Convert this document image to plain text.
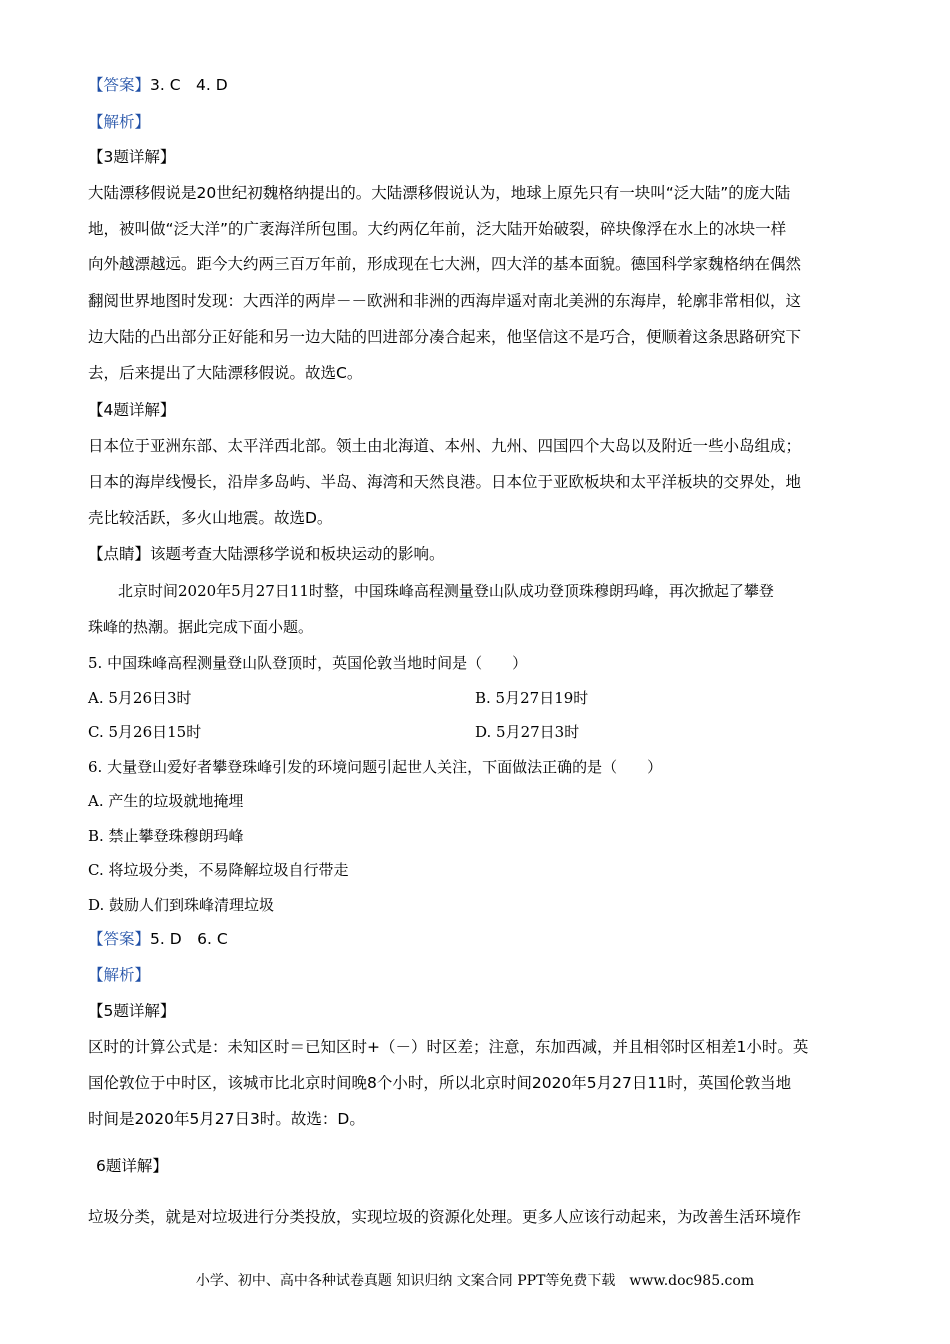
【答案】3. C　4. D
【解析】
【3题详解】
大陆漂移假说是20世纪初魏格纳提出的。大陆漂移假说认为，地球上原先只有一块叫“泛大陆”的庞大陆
地，被叫做“泛大洋”的广袤海洋所包围。大约两亿年前，泛大陆开始破裂，碎块像浮在水上的冰块一样
向外越漂越远。距今大约两三百万年前，形成现在七大洲，四大洋的基本面貌。德国科学家魏格纳在偶然
翻阅世界地图时发现：大西洋的两岸－－欧洲和非洲的西海岸遥对南北美洲的东海岸，轮廓非常相似，这
边大陆的凸出部分正好能和另一边大陆的凹进部分凑合起来，他坚信这不是巧合，便顺着这条思路研究下
去，后来提出了大陆漂移假说。故选C。
【4题详解】
日本位于亚洲东部、太平洋西北部。领土由北海道、本州、九州、四国四个大岛以及附近一些小岛组成；
日本的海岸线慢长，沿岸多岛屿、半岛、海湾和天然良港。日本位于亚欧板块和太平洋板块的交界处，地
壳比较活跃，多火山地震。故选D。
【点睛】该题考查大陆漂移学说和板块运动的影响。
北京时间2020年5月27日11时整，中国珠峰高程测量登山队成功登顶珠穆朗玛峰，再次掀起了攀登
珠峰的热潮。据此完成下面小题。
5. 中国珠峰高程测量登山队登顶时，英国伦敦当地时间是（　　）
A. 5月26日3时	B. 5月27日19时
C. 5月26日15时	D. 5月27日3时
6. 大量登山爱好者攀登珠峰引发的环境问题引起世人关注，下面做法正确的是（　　）
A. 产生的垃圾就地掩埋
B. 禁止攀登珠穆朗玛峰
C. 将垃圾分类，不易降解垃圾自行带走
D. 鼓励人们到珠峰清理垃圾
【答案】5. D　6. C
【解析】
【5题详解】
区时的计算公式是：未知区时＝已知区时+（－）时区差；注意，东加西减，并且相邻时区相差1小时。英
国伦敦位于中时区，该城市比北京时间晚8个小时，所以北京时间2020年5月27日11时，英国伦敦当地
时间是2020年5月27日3时。故选：D。
6题详解】
垃圾分类，就是对垃圾进行分类投放，实现垃圾的资源化处理。更多人应该行动起来，为改善生活环境作
小学、初中、高中各种试卷真题 知识归纳 文案合同 PPT等免费下载　www.doc985.com
